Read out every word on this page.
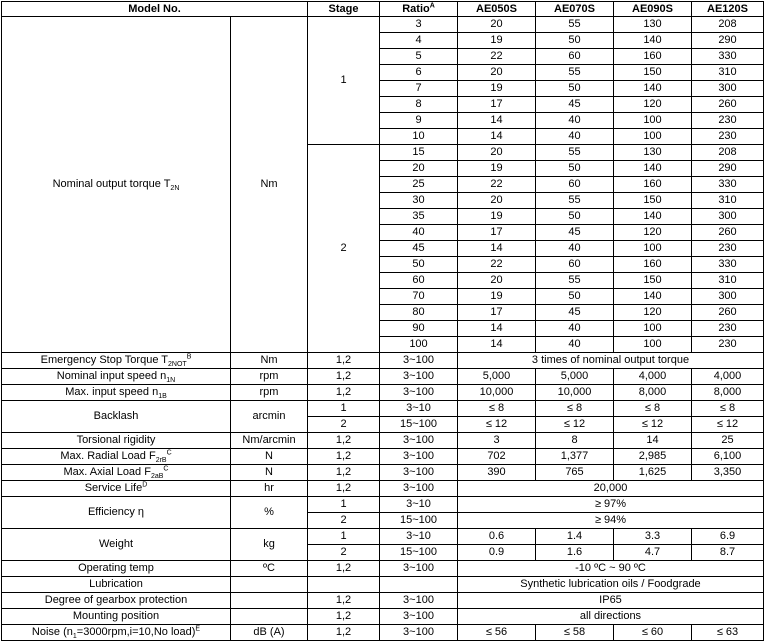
Model No.		Stage	Ratio$^A$	AE050S	AE070S	AE090S	AE120S
Nominal output torque $T_{2N}$	Nm	1	3	20	55	130	208
			4	19	50	140	290
			5	22	60	160	330
			6	20	55	150	310
			7	19	50	140	300
			8	17	45	120	260
			9	14	40	100	230
			10	14	40	100	230
		2	15	20	55	130	208
			20	19	50	140	290
			25	22	60	160	330
			30	20	55	150	310
			35	19	50	140	300
			40	17	45	120	260
			45	14	40	100	230
			50	22	60	160	330
			60	20	55	150	310
			70	19	50	140	300
			80	17	45	120	260
			90	14	40	100	230
			100	14	40	100	230
Emergency Stop Torque $T_{2NOT}^B$	Nm	1,2	3~100	3 times of nominal output torque			
Nominal input speed $n_{1N}$	rpm	1,2	3~100	5,000	5,000	4,000	4,000
Max. input speed $n_{1B}$	rpm	1,2	3~100	10,000	10,000	8,000	8,000
Backlash	arcmin	1	3~10	≤ 8	≤ 8	≤ 8	≤ 8
		2	15~100	≤ 12	≤ 12	≤ 12	≤ 12
Torsional rigidity	Nm/arcmin	1,2	3~100	3	8	14	25
Max. Radial Load $F_{2rB}^C$	N	1,2	3~100	702	1,377	2,985	6,100
Max. Axial Load $F_{2aB}^C$	N	1,2	3~100	390	765	1,625	3,350
Service Life$^D$	hr	1,2	3~100	20,000			
Efficiency η	%	1	3~10	≥ 97%			
		2	15~100	≥ 94%			
Weight	kg	1	3~10	0.6	1.4	3.3	6.9
		2	15~100	0.9	1.6	4.7	8.7
Operating temp	ºC	1,2	3~100	-10 ºC ~ 90 ºC			
Lubrication				Synthetic lubrication oils / Foodgrade			
Degree of gearbox protection		1,2	3~100	IP65			
Mounting position		1,2	3~100	all directions			
Noise ($n_1=3000rpm,i=10,No$ load)$^E$	dB (A)	1,2	3~100	≤ 56	≤ 58	≤ 60	≤ 63
